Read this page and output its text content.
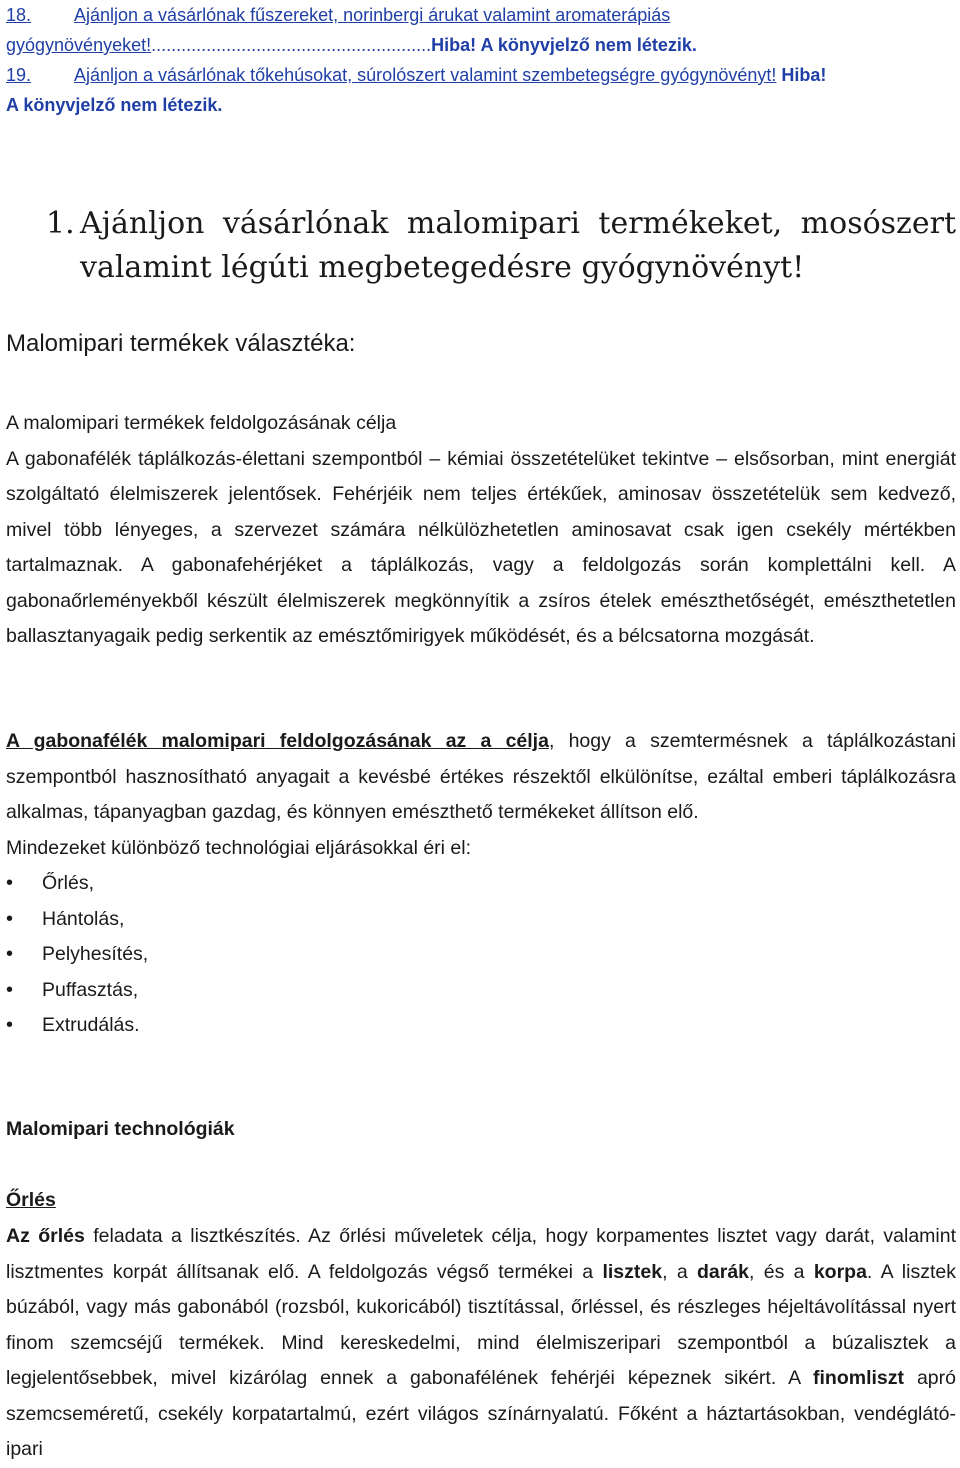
18.	Ajánljon a vásárlónak fűszereket, norinbergi árukat valamint aromaterápiás
gyógynövényeket! ........................................................ Hiba! A könyvjelző nem létezik.
19.	Ajánljon a vásárlónak tőkehúsokat, súrolószert valamint szembetegségre gyógynövényt!
Hiba!
A könyvjelző nem létezik.
1. Ajánljon vásárlónak malomipari termékeket, mosószert valamint légúti megbetegedésre gyógynövényt!
Malomipari termékek választéka:

A malomipari termékek feldolgozásának célja

A gabonafélék táplálkozás-élettani szempontból – kémiai összetételüket tekintve – elsősorban, mint energiát szolgáltató élelmiszerek jelentősek. Fehérjéik nem teljes értékűek, aminosav összetételük sem kedvező, mivel több lényeges, a szervezet számára nélkülözhetetlen aminosavat csak igen csekély mértékben tartalmaznak. A gabonafehérjéket a táplálkozás, vagy a feldolgozás során komplettálni kell. A gabonaőrleményekből készült élelmiszerek megkönnyítik a zsíros ételek emészthetőségét, emészthetetlen ballasztanyagaik pedig serkentik az emésztőmirigyek működését, és a bélcsatorna mozgását.

A gabonafélék malomipari feldolgozásának az a célja, hogy a szemtermésnek a táplálkozástani szempontból hasznosítható anyagait a kevésbé értékes részektől elkülönítse, ezáltal emberi táplálkozásra alkalmas, tápanyagban gazdag, és könnyen emészthető termékeket állítson elő.

Mindezeket különböző technológiai eljárásokkal éri el:

• Őrlés,
• Hántolás,
• Pelyhesítés,
• Puffasztás,
• Extrudálás.
Malomipari technológiák
Őrlés

Az őrlés feladata a lisztkészítés. Az őrlési műveletek célja, hogy korpamentes lisztet vagy darát, valamint lisztmentes korpát állítsanak elő. A feldolgozás végső termékei a lisztek, a darák, és a korpa. A lisztek búzából, vagy más gabonából (rozsból, kukoricából) tisztítással, őrléssel, és részleges héjeltávolítással nyert finom szemcséjű termékek. Mind kereskedelmi, mind élelmiszeripari szempontból a búzalisztek a legjelentősebbek, mivel kizárólag ennek a gabonafélének fehérjéi képeznek sikért. A finomliszt apró szemcseméretű, csekély korpatartalmú, ezért világos színárnyalatú. Főként a háztartásokban, vendéglátó-ipari
